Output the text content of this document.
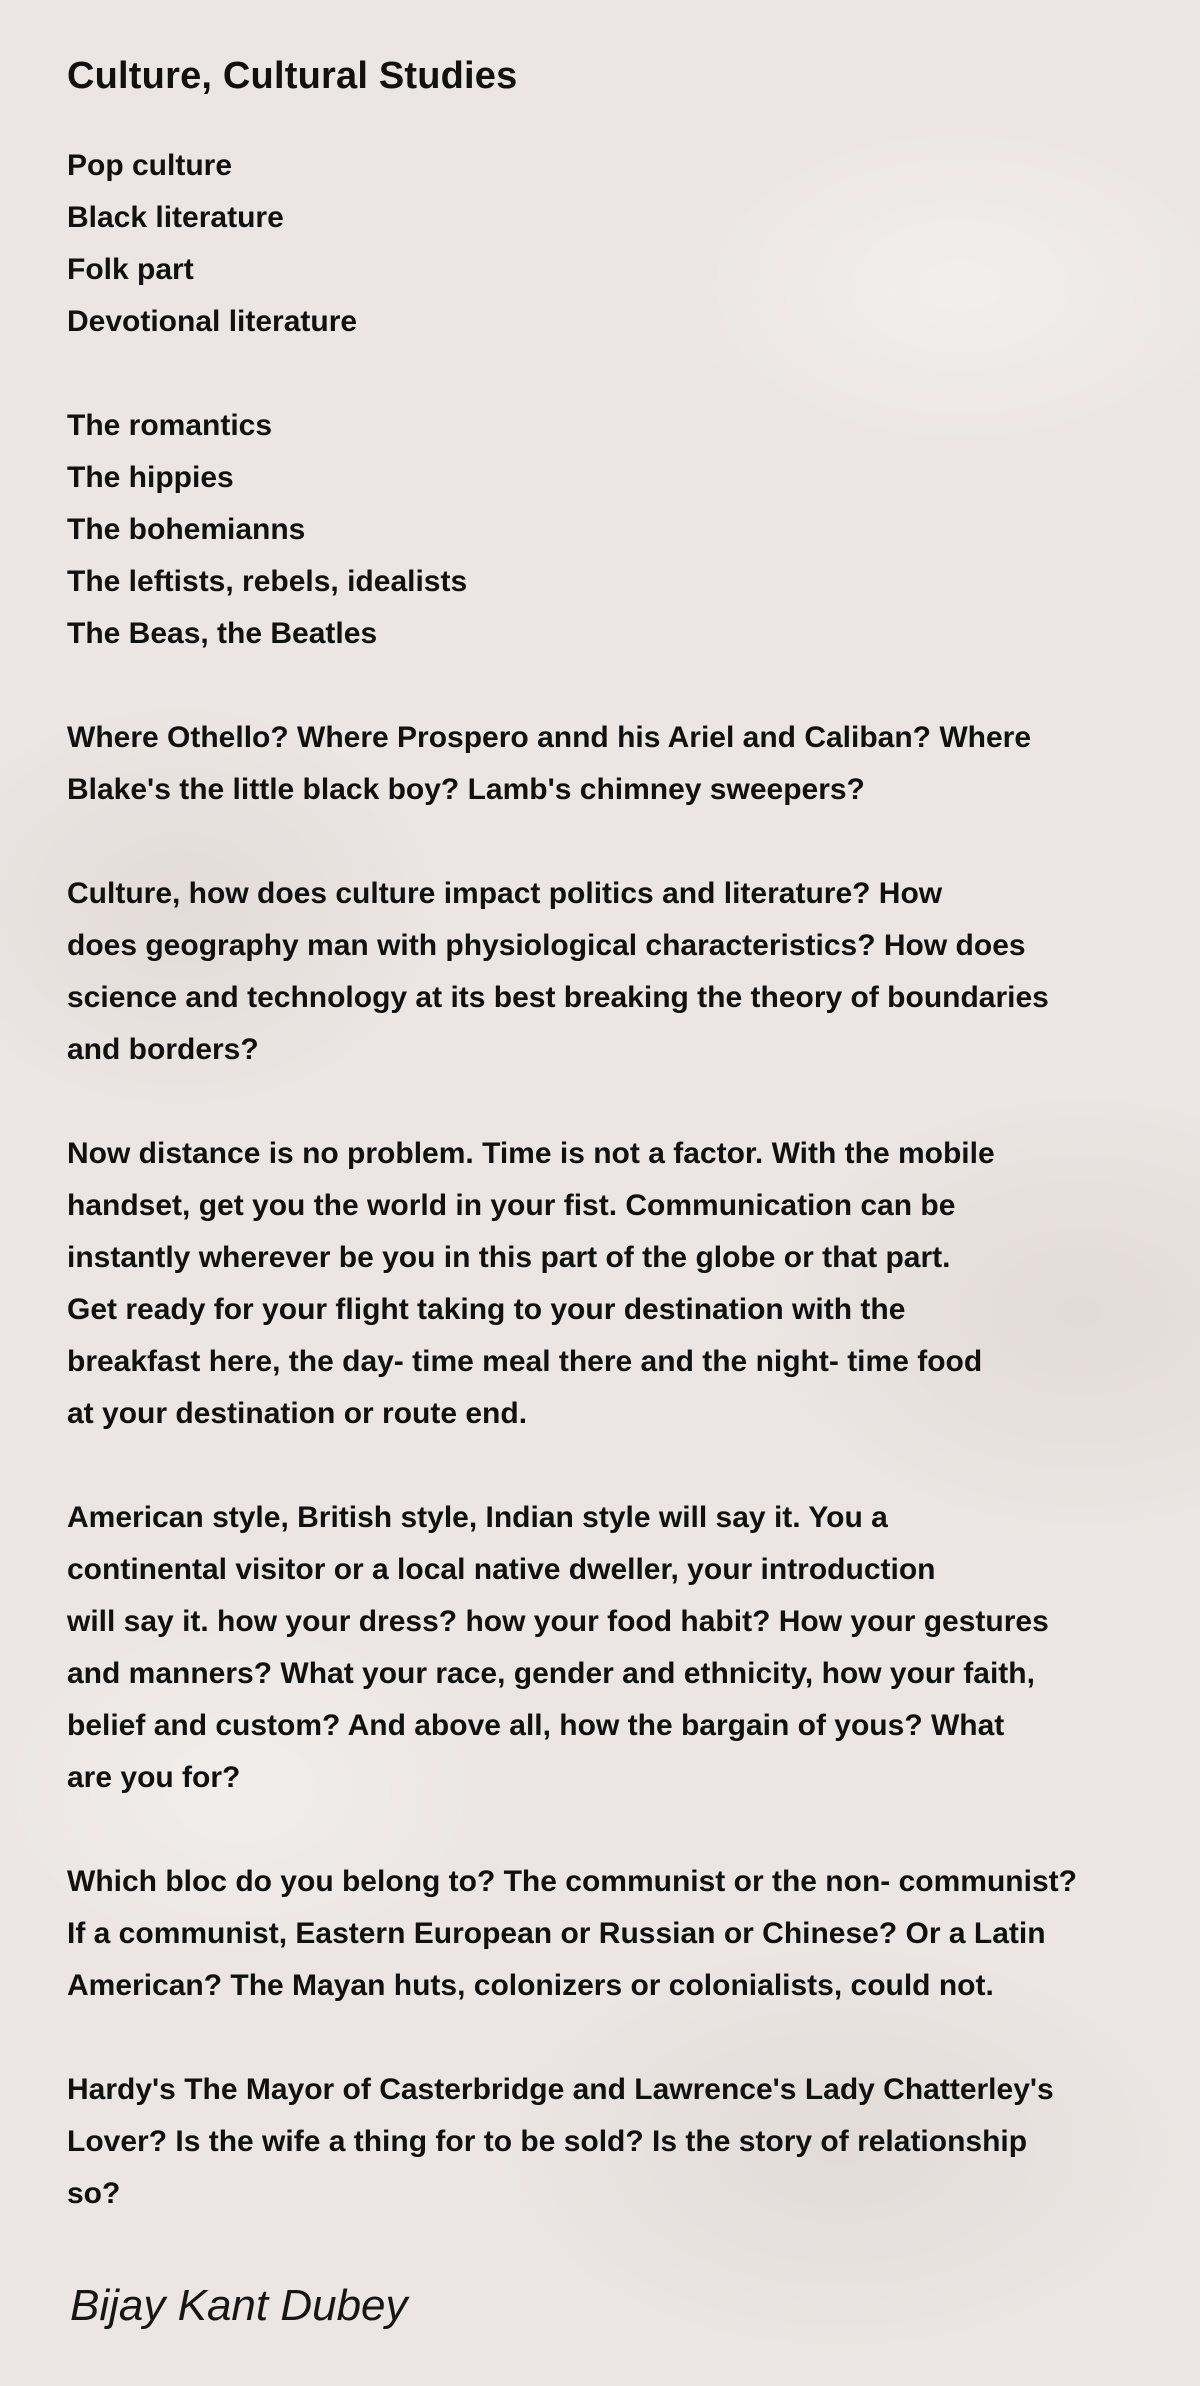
Culture, Cultural Studies
Pop culture
Black literature
Folk part
Devotional literature
The romantics
The hippies
The bohemianns
The leftists, rebels, idealists
The Beas, the Beatles
Where Othello? Where Prospero annd his Ariel and Caliban? Where
Blake's the little black boy? Lamb's chimney sweepers?
Culture, how does culture impact politics and literature? How
does geography man with physiological characteristics? How does
science and technology at its best breaking the theory of boundaries
and borders?
Now distance is no problem. Time is not a factor. With the mobile
handset, get you the world in your fist. Communication can be
instantly wherever be you in this part of the globe or that part.
Get ready for your flight taking to your destination with the
breakfast here, the day- time meal there and the night- time food
at your destination or route end.
American style, British style, Indian style will say it. You a
continental visitor or a local native dweller, your introduction
will say it. how your dress? how your food habit? How your gestures
and manners? What your race, gender and ethnicity, how your faith,
belief and custom? And above all, how the bargain of yous? What
are you for?
Which bloc do you belong to? The communist or the non- communist?
If a communist, Eastern European or Russian or Chinese? Or a Latin
American? The Mayan huts, colonizers or colonialists, could not.
Hardy's The Mayor of Casterbridge and Lawrence's Lady Chatterley's
Lover? Is the wife a thing for to be sold? Is the story of relationship
so?
Bijay Kant Dubey
